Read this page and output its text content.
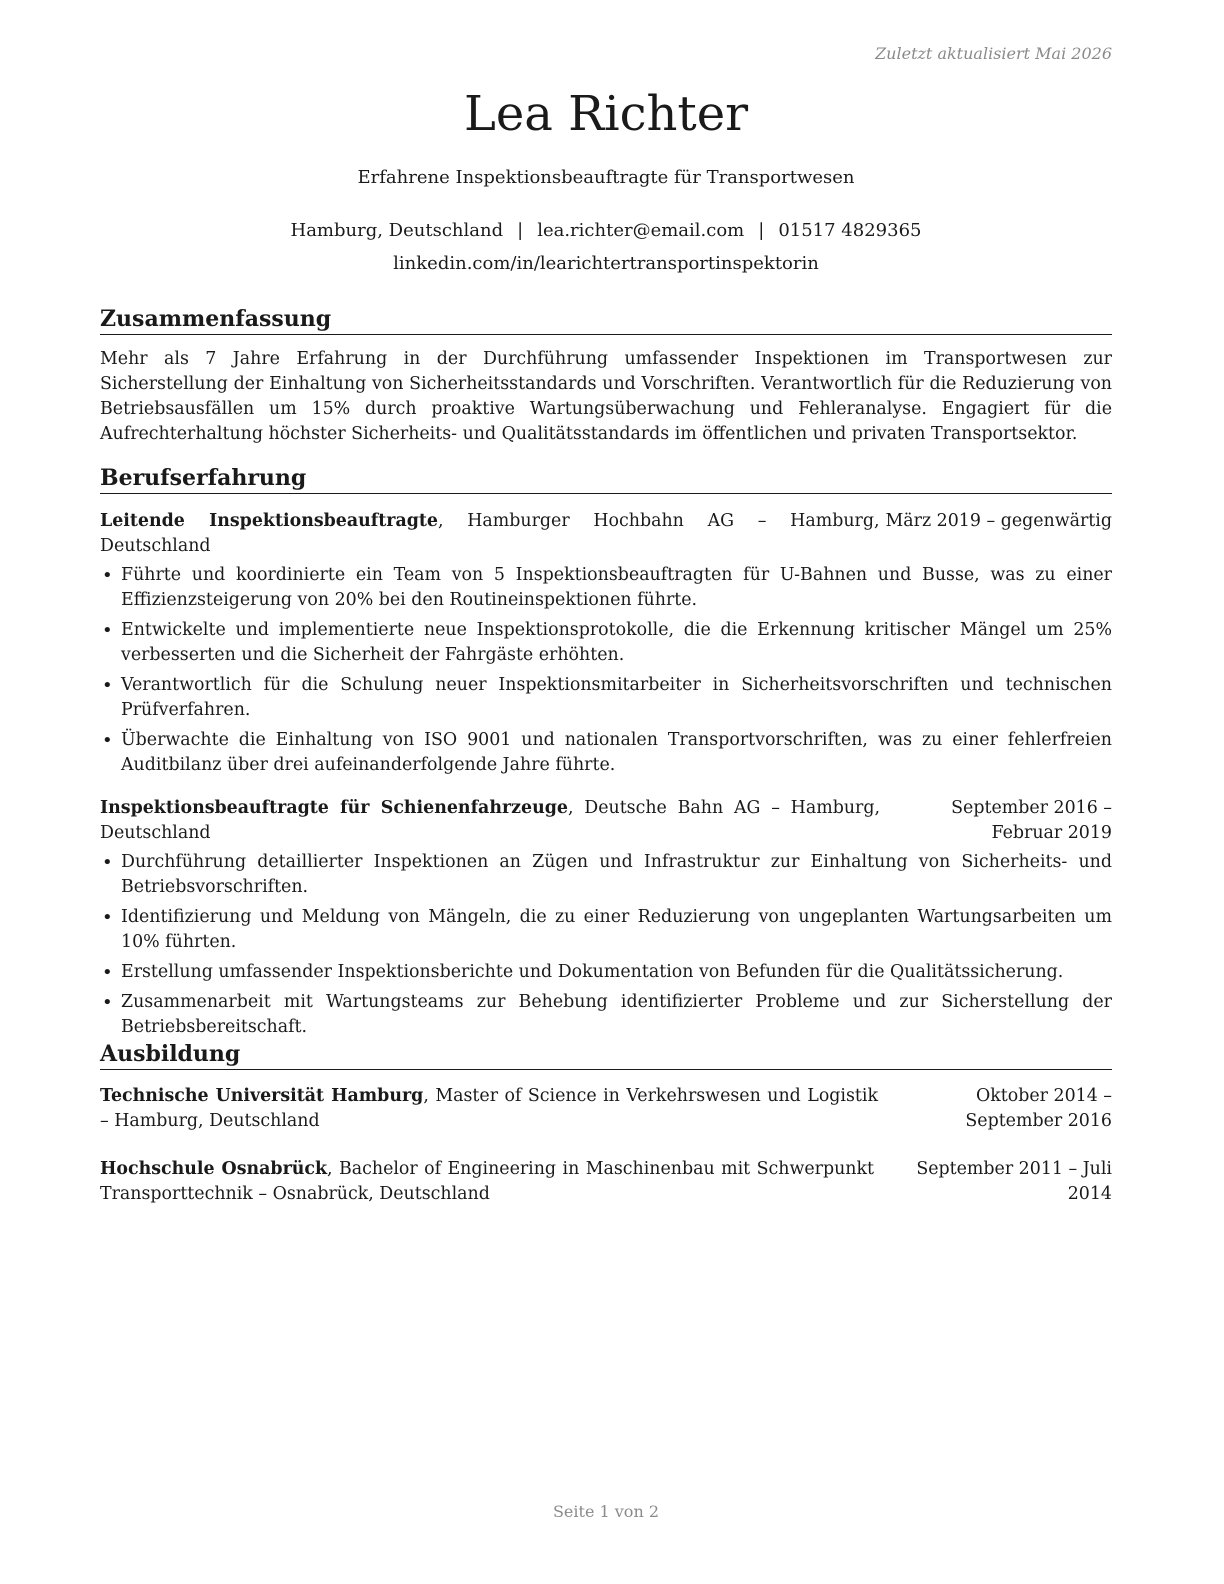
Zuletzt aktualisiert Mai 2026
Lea Richter
Erfahrene Inspektionsbeauftragte für Transportwesen
Hamburg, Deutschland | lea.richter@email.com | 01517 4829365
linkedin.com/in/learichtertransportinspektorin
Zusammenfassung

Mehr als 7 Jahre Erfahrung in der Durchführung umfassender Inspektionen im Transportwesen zur Sicherstellung der Einhaltung von Sicherheitsstandards und Vorschriften. Verantwortlich für die Reduzierung von Betriebsausfällen um 15% durch proaktive Wartungsüberwachung und Fehleranalyse. Engagiert für die Aufrechterhaltung höchster Sicherheits- und Qualitätsstandards im öffentlichen und privaten Transportsektor.

Berufserfahrung
Leitende Inspektionsbeauftragte, Hamburger Hochbahn AG – Hamburg, Deutschland
März 2019 – gegenwärtig
• Führte und koordinierte ein Team von 5 Inspektionsbeauftragten für U-Bahnen und Busse, was zu einer Effizienzsteigerung von 20% bei den Routineinspektionen führte.
• Entwickelte und implementierte neue Inspektionsprotokolle, die die Erkennung kritischer Mängel um 25% verbesserten und die Sicherheit der Fahrgäste erhöhten.
• Verantwortlich für die Schulung neuer Inspektionsmitarbeiter in Sicherheitsvorschriften und technischen Prüfverfahren.
• Überwachte die Einhaltung von ISO 9001 und nationalen Transportvorschriften, was zu einer fehlerfreien Auditbilanz über drei aufeinanderfolgende Jahre führte.
Inspektionsbeauftragte für Schienenfahrzeuge, Deutsche Bahn AG – Hamburg, Deutschland
September 2016 – Februar 2019
• Durchführung detaillierter Inspektionen an Zügen und Infrastruktur zur Einhaltung von Sicherheits- und Betriebsvorschriften.
• Identifizierung und Meldung von Mängeln, die zu einer Reduzierung von ungeplanten Wartungsarbeiten um 10% führten.
• Erstellung umfassender Inspektionsberichte und Dokumentation von Befunden für die Qualitätssicherung.
• Zusammenarbeit mit Wartungsteams zur Behebung identifizierter Probleme und zur Sicherstellung der Betriebsbereitschaft.
Ausbildung
Technische Universität Hamburg, Master of Science in Verkehrswesen und Logistik – Hamburg, Deutschland
Oktober 2014 – September 2016
Hochschule Osnabrück, Bachelor of Engineering in Maschinenbau mit Schwerpunkt Transporttechnik – Osnabrück, Deutschland
September 2011 – Juli 2014
Seite 1 von 2
